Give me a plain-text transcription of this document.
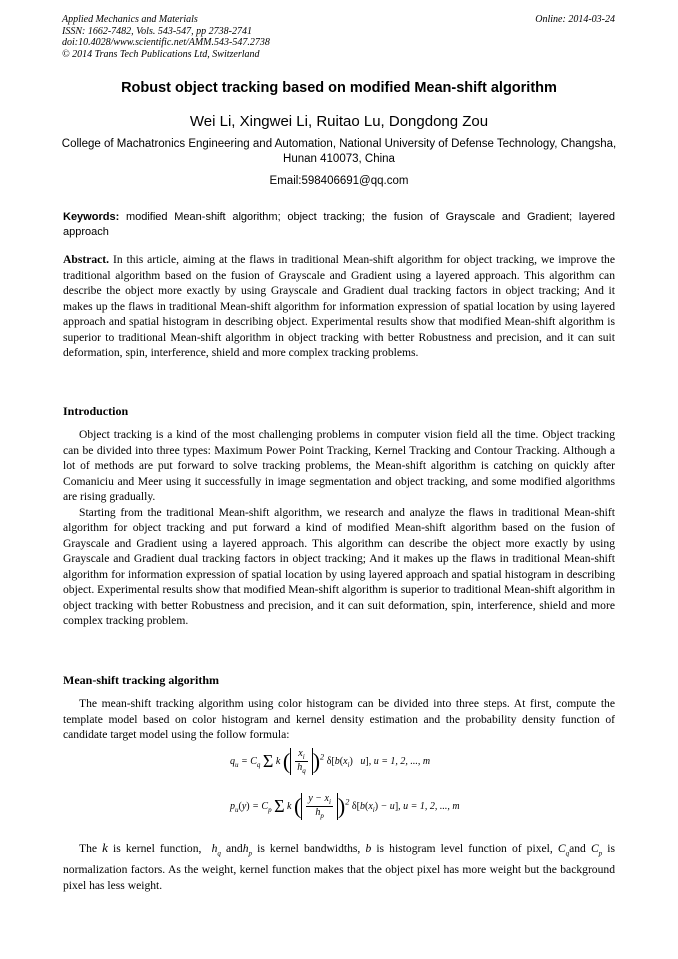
Applied Mechanics and Materials
ISSN: 1662-7482, Vols. 543-547, pp 2738-2741
doi:10.4028/www.scientific.net/AMM.543-547.2738
© 2014 Trans Tech Publications Ltd, Switzerland
Online: 2014-03-24
Robust object tracking based on modified Mean-shift algorithm
Wei Li, Xingwei Li, Ruitao Lu, Dongdong Zou
College of Machatronics Engineering and Automation, National University of Defense Technology, Changsha, Hunan 410073, China
Email:598406691@qq.com
Keywords: modified Mean-shift algorithm; object tracking; the fusion of Grayscale and Gradient; layered approach
Abstract. In this article, aiming at the flaws in traditional Mean-shift algorithm for object tracking, we improve the traditional algorithm based on the fusion of Grayscale and Gradient using a layered approach. This algorithm can describe the object more exactly by using Grayscale and Gradient dual tracking factors in object tracking; And it makes up the flaws in traditional Mean-shift algorithm for information expression of spatial location by using layered approach and spatial histogram in describing object. Experimental results show that modified Mean-shift algorithm is superior to traditional Mean-shift algorithm in object tracking with better Robustness and precision, and it can suit deformation, spin, interference, shield and more complex tracking problems.
Introduction
Object tracking is a kind of the most challenging problems in computer vision field all the time. Object tracking can be divided into three types: Maximum Power Point Tracking, Kernel Tracking and Contour Tracking. Although a lot of methods are put forward to solve tracking problems, the Mean-shift algorithm is catching on quickly after Comaniciu and Meer using it successfully in image segmentation and object tracking, and some modified algorithms are rising gradually.
Starting from the traditional Mean-shift algorithm, we research and analyze the flaws in traditional Mean-shift algorithm for object tracking and put forward a kind of modified Mean-shift algorithm based on the fusion of Grayscale and Gradient using a layered approach. This algorithm can describe the object more exactly by using Grayscale and Gradient dual tracking factors in object tracking; And it makes up the flaws in traditional Mean-shift algorithm for information expression of spatial location by using layered approach and spatial histogram in describing object. Experimental results show that modified Mean-shift algorithm is superior to traditional Mean-shift algorithm in object tracking with better Robustness and precision, and it can suit deformation, spin, interference, shield and more complex tracking problem.
Mean-shift tracking algorithm
The mean-shift tracking algorithm using color histogram can be divided into three steps. At first, compute the template model based on color histogram and kernel density estimation and the probability density function of candidate target model using the follow formula:
$q_u = C_q$ Σ k ( $\frac{x_i}{h_q} )^2$ $\delta[b(x_i)$   u], u = 1, 2, ..., m
$p_u(y) = C_p$ Σ k ( $\frac{y - x_i}{h_p} )^2$ $\delta[b(x_i) - u]$, u = 1, 2, ..., m
The k is kernel function, $h_q$ andh$_p$ is kernel bandwidths, b is histogram level function of pixel, $C_qand$ $C_p$ is normalization factors. As the weight, kernel function makes that the object pixel has more weight but the background pixel has less weight.
